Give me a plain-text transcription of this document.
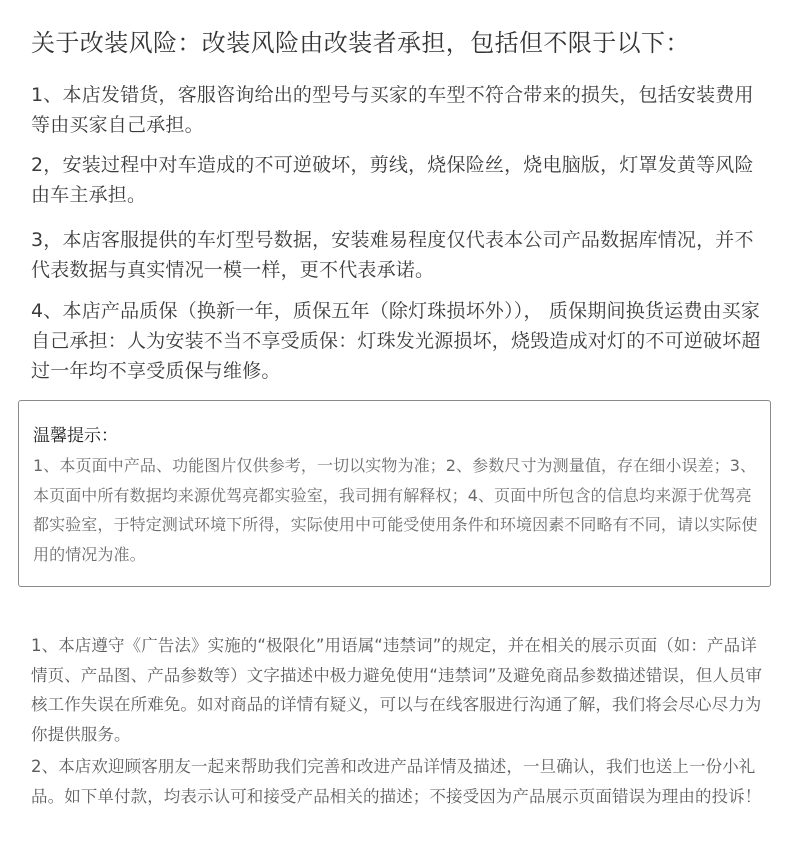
关于改装风险：改装风险由改装者承担，包括但不限于以下：
1、本店发错货，客服咨询给出的型号与买家的车型不符合带来的损失，包括安装费用等由买家自己承担。
2，安装过程中对车造成的不可逆破坏，剪线，烧保险丝，烧电脑版，灯罩发黄等风险由车主承担。
3，本店客服提供的车灯型号数据，安装难易程度仅代表本公司产品数据库情况，并不代表数据与真实情况一模一样，更不代表承诺。
4、本店产品质保（换新一年，质保五年（除灯珠损坏外））， 质保期间换货运费由买家自己承担：人为安装不当不享受质保：灯珠发光源损坏，烧毁造成对灯的不可逆破坏超过一年均不享受质保与维修。
温馨提示：
1、本页面中产品、功能图片仅供参考，一切以实物为准；2、参数尺寸为测量值，存在细小误差；3、本页面中所有数据均来源优驾亮都实验室，我司拥有解释权；4、页面中所包含的信息均来源于优驾亮都实验室，于特定测试环境下所得，实际使用中可能受使用条件和环境因素不同略有不同，请以实际使用的情况为准。
1、本店遵守《广告法》实施的“极限化”用语属“违禁词”的规定，并在相关的展示页面（如：产品详情页、产品图、产品参数等）文字描述中极力避免使用“违禁词”及避免商品参数描述错误，但人员审核工作失误在所难免。如对商品的详情有疑义，可以与在线客服进行沟通了解，我们将会尽心尽力为你提供服务。
2、本店欢迎顾客朋友一起来帮助我们完善和改进产品详情及描述，一旦确认，我们也送上一份小礼品。如下单付款，均表示认可和接受产品相关的描述；不接受因为产品展示页面错误为理由的投诉！
